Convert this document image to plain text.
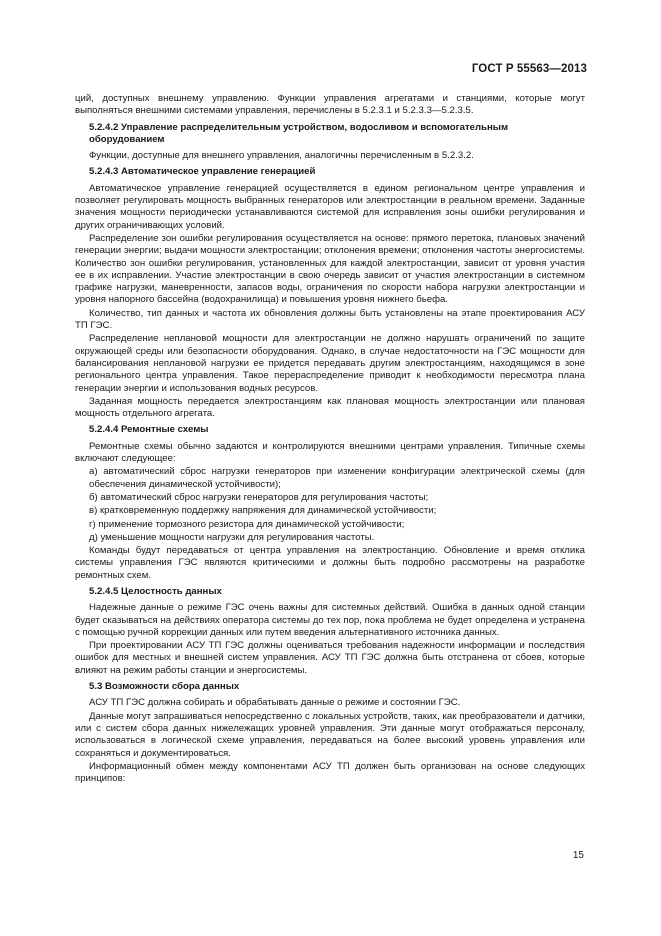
ГОСТ Р 55563—2013

ций, доступных внешнему управлению. Функции управления агрегатами и станциями, которые могут выполняться внешними системами управления, перечислены в 5.2.3.1 и 5.2.3.3—5.2.3.5.

5.2.4.2 Управление распределительным устройством, водосливом и вспомогательным оборудованием

Функции, доступные для внешнего управления, аналогичны перечисленным в 5.2.3.2.

5.2.4.3 Автоматическое управление генерацией

Автоматическое управление генерацией осуществляется в едином региональном центре управления и позволяет регулировать мощность выбранных генераторов или электростанции в реальном времени. Заданные значения мощности периодически устанавливаются системой для исправления зоны ошибки регулирования и других ограничивающих условий.

Распределение зон ошибки регулирования осуществляется на основе: прямого перетока, плановых значений генерации энергии; выдачи мощности электростанции; отклонения времени; отклонения частоты энергосистемы. Количество зон ошибки регулирования, установленных для каждой электростанции, зависит от уровня участия ее в их исправлении. Участие электростанции в свою очередь зависит от участия электростанции в системном графике нагрузки, маневренности, запасов воды, ограничения по скорости набора нагрузки электростанции и уровня напорного бассейна (водохранилища) и повышения уровня нижнего бьефа.

Количество, тип данных и частота их обновления должны быть установлены на этапе проектирования АСУ ТП ГЭС.

Распределение неплановой мощности для электростанции не должно нарушать ограничений по защите окружающей среды или безопасности оборудования. Однако, в случае недостаточности на ГЭС мощности для балансирования неплановой нагрузки ее придется передавать другим электростанциям, находящимся в зоне регионального центра управления. Такое перераспределение приводит к необходимости пересмотра плана генерации энергии и использования водных ресурсов.

Заданная мощность передается электростанциям как плановая мощность электростанции или плановая мощность отдельного агрегата.

5.2.4.4 Ремонтные схемы

Ремонтные схемы обычно задаются и контролируются внешними центрами управления. Типичные схемы включают следующее:

а) автоматический сброс нагрузки генераторов при изменении конфигурации электрической схемы (для обеспечения динамической устойчивости);

б) автоматический сброс нагрузки генераторов для регулирования частоты;

в) кратковременную поддержку напряжения для динамической устойчивости;

г) применение тормозного резистора для динамической устойчивости;

д) уменьшение мощности нагрузки для регулирования частоты.

Команды будут передаваться от центра управления на электростанцию. Обновление и время отклика системы управления ГЭС являются критическими и должны быть подробно рассмотрены на разработке ремонтных схем.

5.2.4.5 Целостность данных

Надежные данные о режиме ГЭС очень важны для системных действий. Ошибка в данных одной станции будет сказываться на действиях оператора системы до тех пор, пока проблема не будет определена и устранена с помощью ручной коррекции данных или путем введения альтернативного источника данных.

При проектировании АСУ ТП ГЭС должны оцениваться требования надежности информации и последствия ошибок для местных и внешней систем управления. АСУ ТП ГЭС должна быть отстранена от сбоев, которые влияют на режим работы станции и энергосистемы.

5.3 Возможности сбора данных

АСУ ТП ГЭС должна собирать и обрабатывать данные о режиме и состоянии ГЭС.

Данные могут запрашиваться непосредственно с локальных устройств, таких, как преобразователи и датчики, или с систем сбора данных нижележащих уровней управления. Эти данные могут отображаться персоналу, использоваться в логической схеме управления, передаваться на более высокий уровень управления или сохраняться и документироваться.

Информационный обмен между компонентами АСУ ТП должен быть организован на основе следующих принципов:

15
